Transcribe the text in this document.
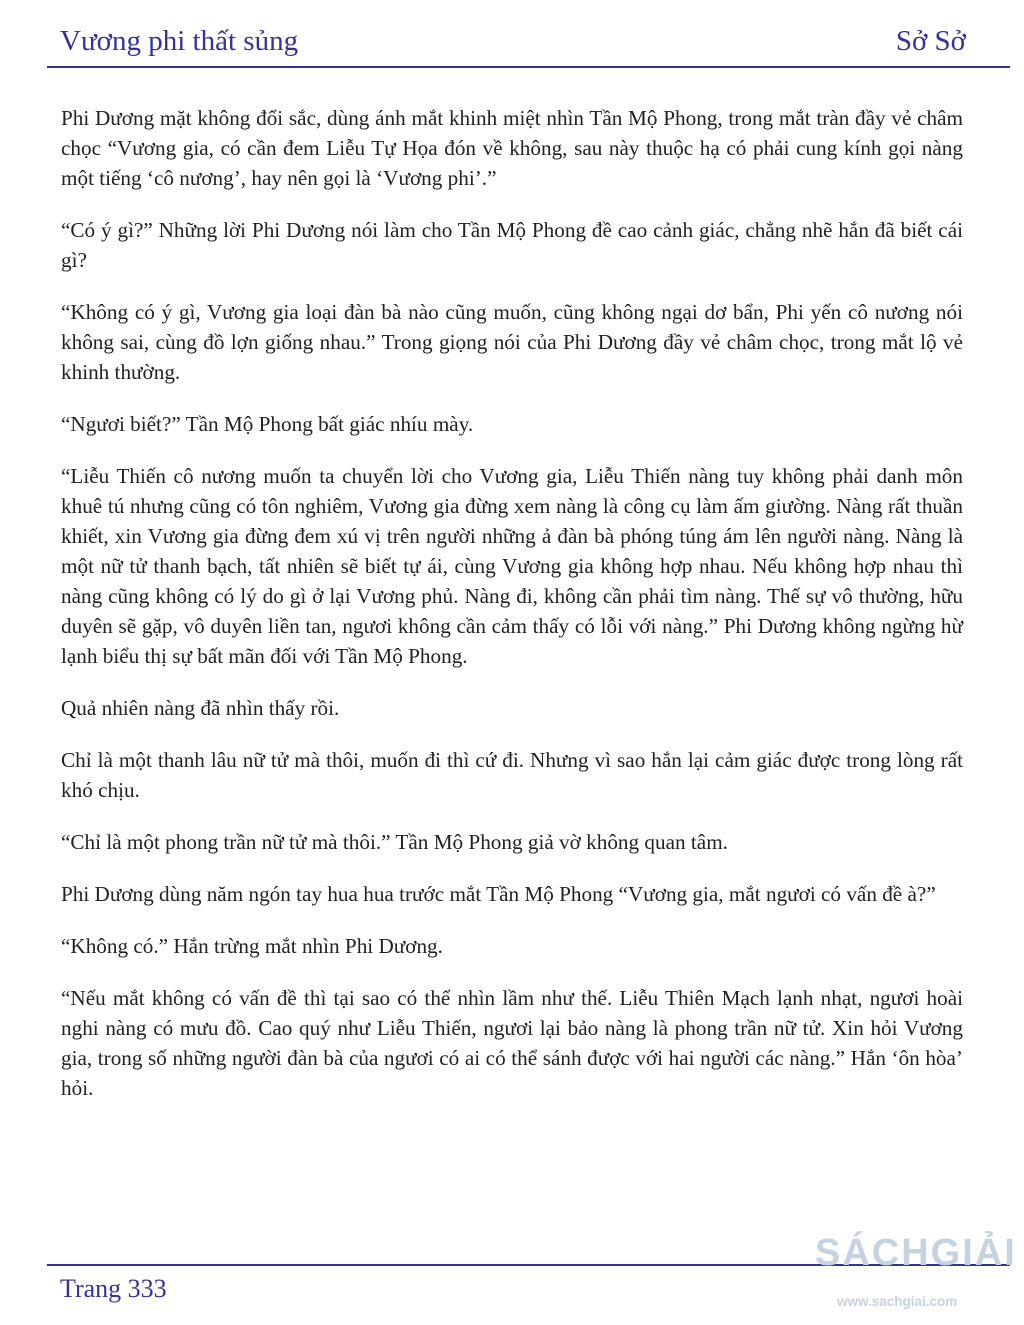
Vương phi thất sủng	Sở Sở

Phi Dương mặt không đổi sắc, dùng ánh mắt khinh miệt nhìn Tần Mộ Phong, trong mắt tràn đầy vẻ châm chọc “Vương gia, có cần đem Liễu Tự Họa đón về không, sau này thuộc hạ có phải cung kính gọi nàng một tiếng ‘cô nương’, hay nên gọi là ‘Vương phi’.”

“Có ý gì?” Những lời Phi Dương nói làm cho Tần Mộ Phong đề cao cảnh giác, chẳng nhẽ hắn đã biết cái gì?

“Không có ý gì, Vương gia loại đàn bà nào cũng muốn, cũng không ngại dơ bẩn, Phi yến cô nương nói không sai, cùng đồ lợn giống nhau.” Trong giọng nói của Phi Dương đầy vẻ châm chọc, trong mắt lộ vẻ khinh thường.

“Ngươi biết?” Tần Mộ Phong bất giác nhíu mày.

“Liễu Thiến cô nương muốn ta chuyển lời cho Vương gia, Liễu Thiến nàng tuy không phải danh môn khuê tú nhưng cũng có tôn nghiêm, Vương gia đừng xem nàng là công cụ làm ấm giường. Nàng rất thuần khiết, xin Vương gia đừng đem xú vị trên người những ả đàn bà phóng túng ám lên người nàng. Nàng là một nữ tử thanh bạch, tất nhiên sẽ biết tự ái, cùng Vương gia không hợp nhau. Nếu không hợp nhau thì nàng cũng không có lý do gì ở lại Vương phủ. Nàng đi, không cần phải tìm nàng. Thế sự vô thường, hữu duyên sẽ gặp, vô duyên liền tan, ngươi không cần cảm thấy có lỗi với nàng.” Phi Dương không ngừng hừ lạnh biểu thị sự bất mãn đối với Tần Mộ Phong.

Quả nhiên nàng đã nhìn thấy rồi.

Chỉ là một thanh lâu nữ tử mà thôi, muốn đi thì cứ đi. Nhưng vì sao hắn lại cảm giác được trong lòng rất khó chịu.

“Chỉ là một phong trần nữ tử mà thôi.” Tần Mộ Phong giả vờ không quan tâm.

Phi Dương dùng năm ngón tay hua hua trước mắt Tần Mộ Phong “Vương gia, mắt ngươi có vấn đề à?”

“Không có.” Hắn trừng mắt nhìn Phi Dương.

“Nếu mắt không có vấn đề thì tại sao có thể nhìn lầm như thế. Liễu Thiên Mạch lạnh nhạt, ngươi hoài nghi nàng có mưu đồ. Cao quý như Liễu Thiến, ngươi lại bảo nàng là phong trần nữ tử. Xin hỏi Vương gia, trong số những người đàn bà của ngươi có ai có thể sánh được với hai người các nàng.” Hắn ‘ôn hòa’ hỏi.

Trang 333
SÁCHGIẢI
www.sachgiai.com
